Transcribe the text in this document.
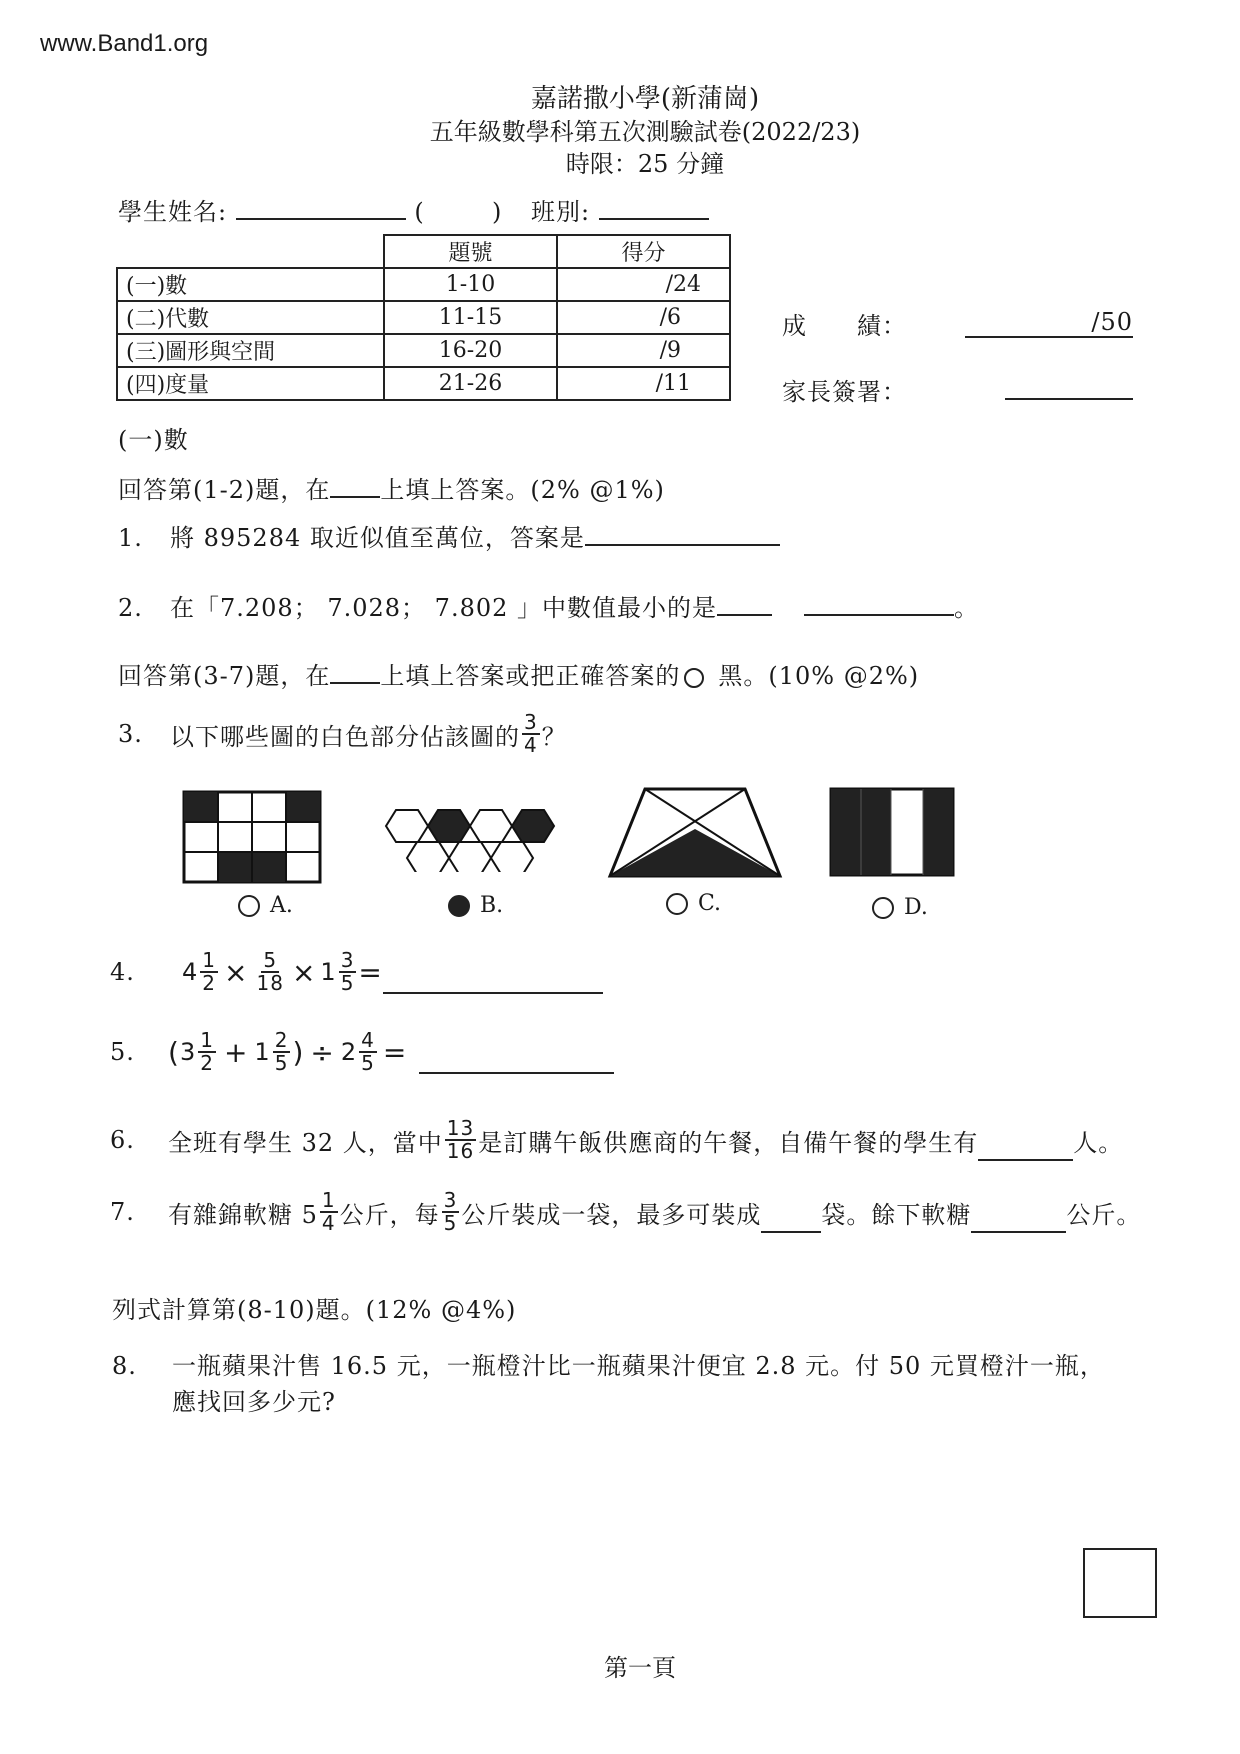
www.Band1.org
嘉諾撒小學(新蒲崗)
五年級數學科第五次測驗試卷(2022/23)
時限：25 分鐘
學生姓名:	(	) 班別:
	題號	得分
(一)數	1-10	/24
(二)代數	11-15	/6
(三)圖形與空間	16-20	/9
(四)度量	21-26	/11
成　　績：	/50
家長簽署：
(一)數
回答第(1-2)題，在 上填上答案。(2% @1%)
1. 將 895284 取近似值至萬位，答案是
2. 在「7.208； 7.028； 7.802 」中數值最小的是	。
回答第(3-7)題，在 上填上答案或把正確答案的 黑。(10% @2%)
3.	以下哪些圖的白色部分佔該圖的 $\frac{3}{4}$ ？
A.	B.	C.	D.
4.	$4 \frac{1}{2} \times \frac{5}{18} \times 1 \frac{3}{5}$ =
5.	( $3 \frac{1}{2} + 1 \frac{2}{5}$ ) ÷ $2 \frac{4}{5}$ =
6.	全班有學生 32 人，當中 $\frac{13}{16}$ 是訂購午飯供應商的午餐，自備午餐的學生有	人。
7.	有雜錦軟糖 $5 \frac{1}{4}$ 公斤，每 $\frac{3}{5}$ 公斤裝成一袋，最多可裝成	袋。餘下軟糖	公斤。
列式計算第(8-10)題。(12% @4%)
8. 一瓶蘋果汁售 16.5 元，一瓶橙汁比一瓶蘋果汁便宜 2.8 元。付 50 元買橙汁一瓶，
應找回多少元?
第一頁
